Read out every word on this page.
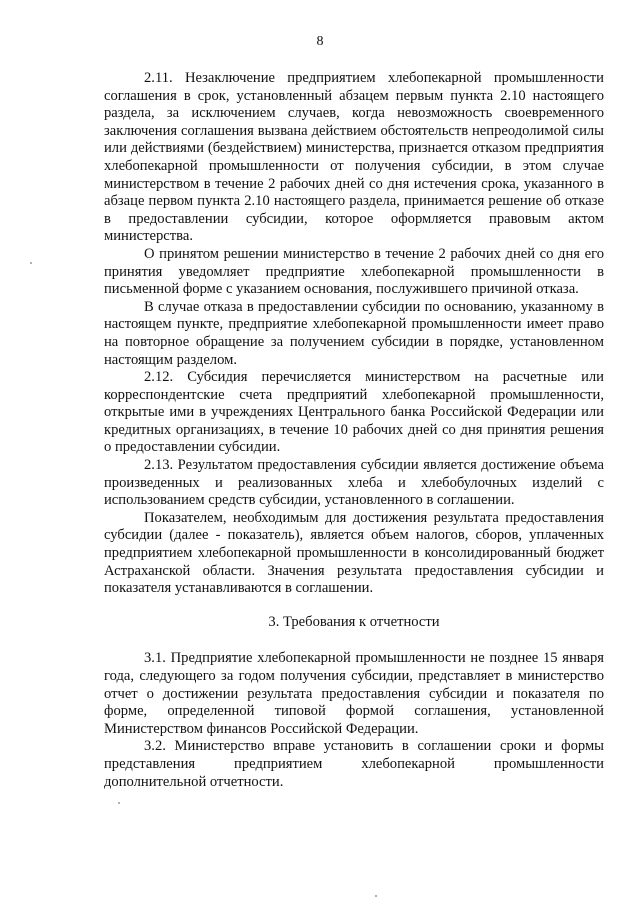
8

2.11. Незаключение предприятием хлебопекарной промышленности соглашения в срок, установленный абзацем первым пункта 2.10 настоящего раздела, за исключением случаев, когда невозможность своевременного заключения соглашения вызвана действием обстоятельств непреодолимой силы или действиями (бездействием) министерства, признается отказом предприятия хлебопекарной промышленности от получения субсидии, в этом случае министерством в течение 2 рабочих дней со дня истечения срока, указанного в абзаце первом пункта 2.10 настоящего раздела, принимается решение об отказе в предоставлении субсидии, которое оформляется правовым актом министерства.

О принятом решении министерство в течение 2 рабочих дней со дня его принятия уведомляет предприятие хлебопекарной промышленности в письменной форме с указанием основания, послужившего причиной отказа.

В случае отказа в предоставлении субсидии по основанию, указанному в настоящем пункте, предприятие хлебопекарной промышленности имеет право на повторное обращение за получением субсидии в порядке, установленном настоящим разделом.

2.12. Субсидия перечисляется министерством на расчетные или корреспондентские счета предприятий хлебопекарной промышленности, открытые ими в учреждениях Центрального банка Российской Федерации или кредитных организациях, в течение 10 рабочих дней со дня принятия решения о предоставлении субсидии.

2.13. Результатом предоставления субсидии является достижение объема произведенных и реализованных хлеба и хлебобулочных изделий с использованием средств субсидии, установленного в соглашении.

Показателем, необходимым для достижения результата предоставления субсидии (далее - показатель), является объем налогов, сборов, уплаченных предприятием хлебопекарной промышленности в консолидированный бюджет Астраханской области. Значения результата предоставления субсидии и показателя устанавливаются в соглашении.

3. Требования к отчетности

3.1. Предприятие хлебопекарной промышленности не позднее 15 января года, следующего за годом получения субсидии, представляет в министерство отчет о достижении результата предоставления субсидии и показателя по форме, определенной типовой формой соглашения, установленной Министерством финансов Российской Федерации.

3.2. Министерство вправе установить в соглашении сроки и формы представления предприятием хлебопекарной промышленности дополнительной отчетности.
